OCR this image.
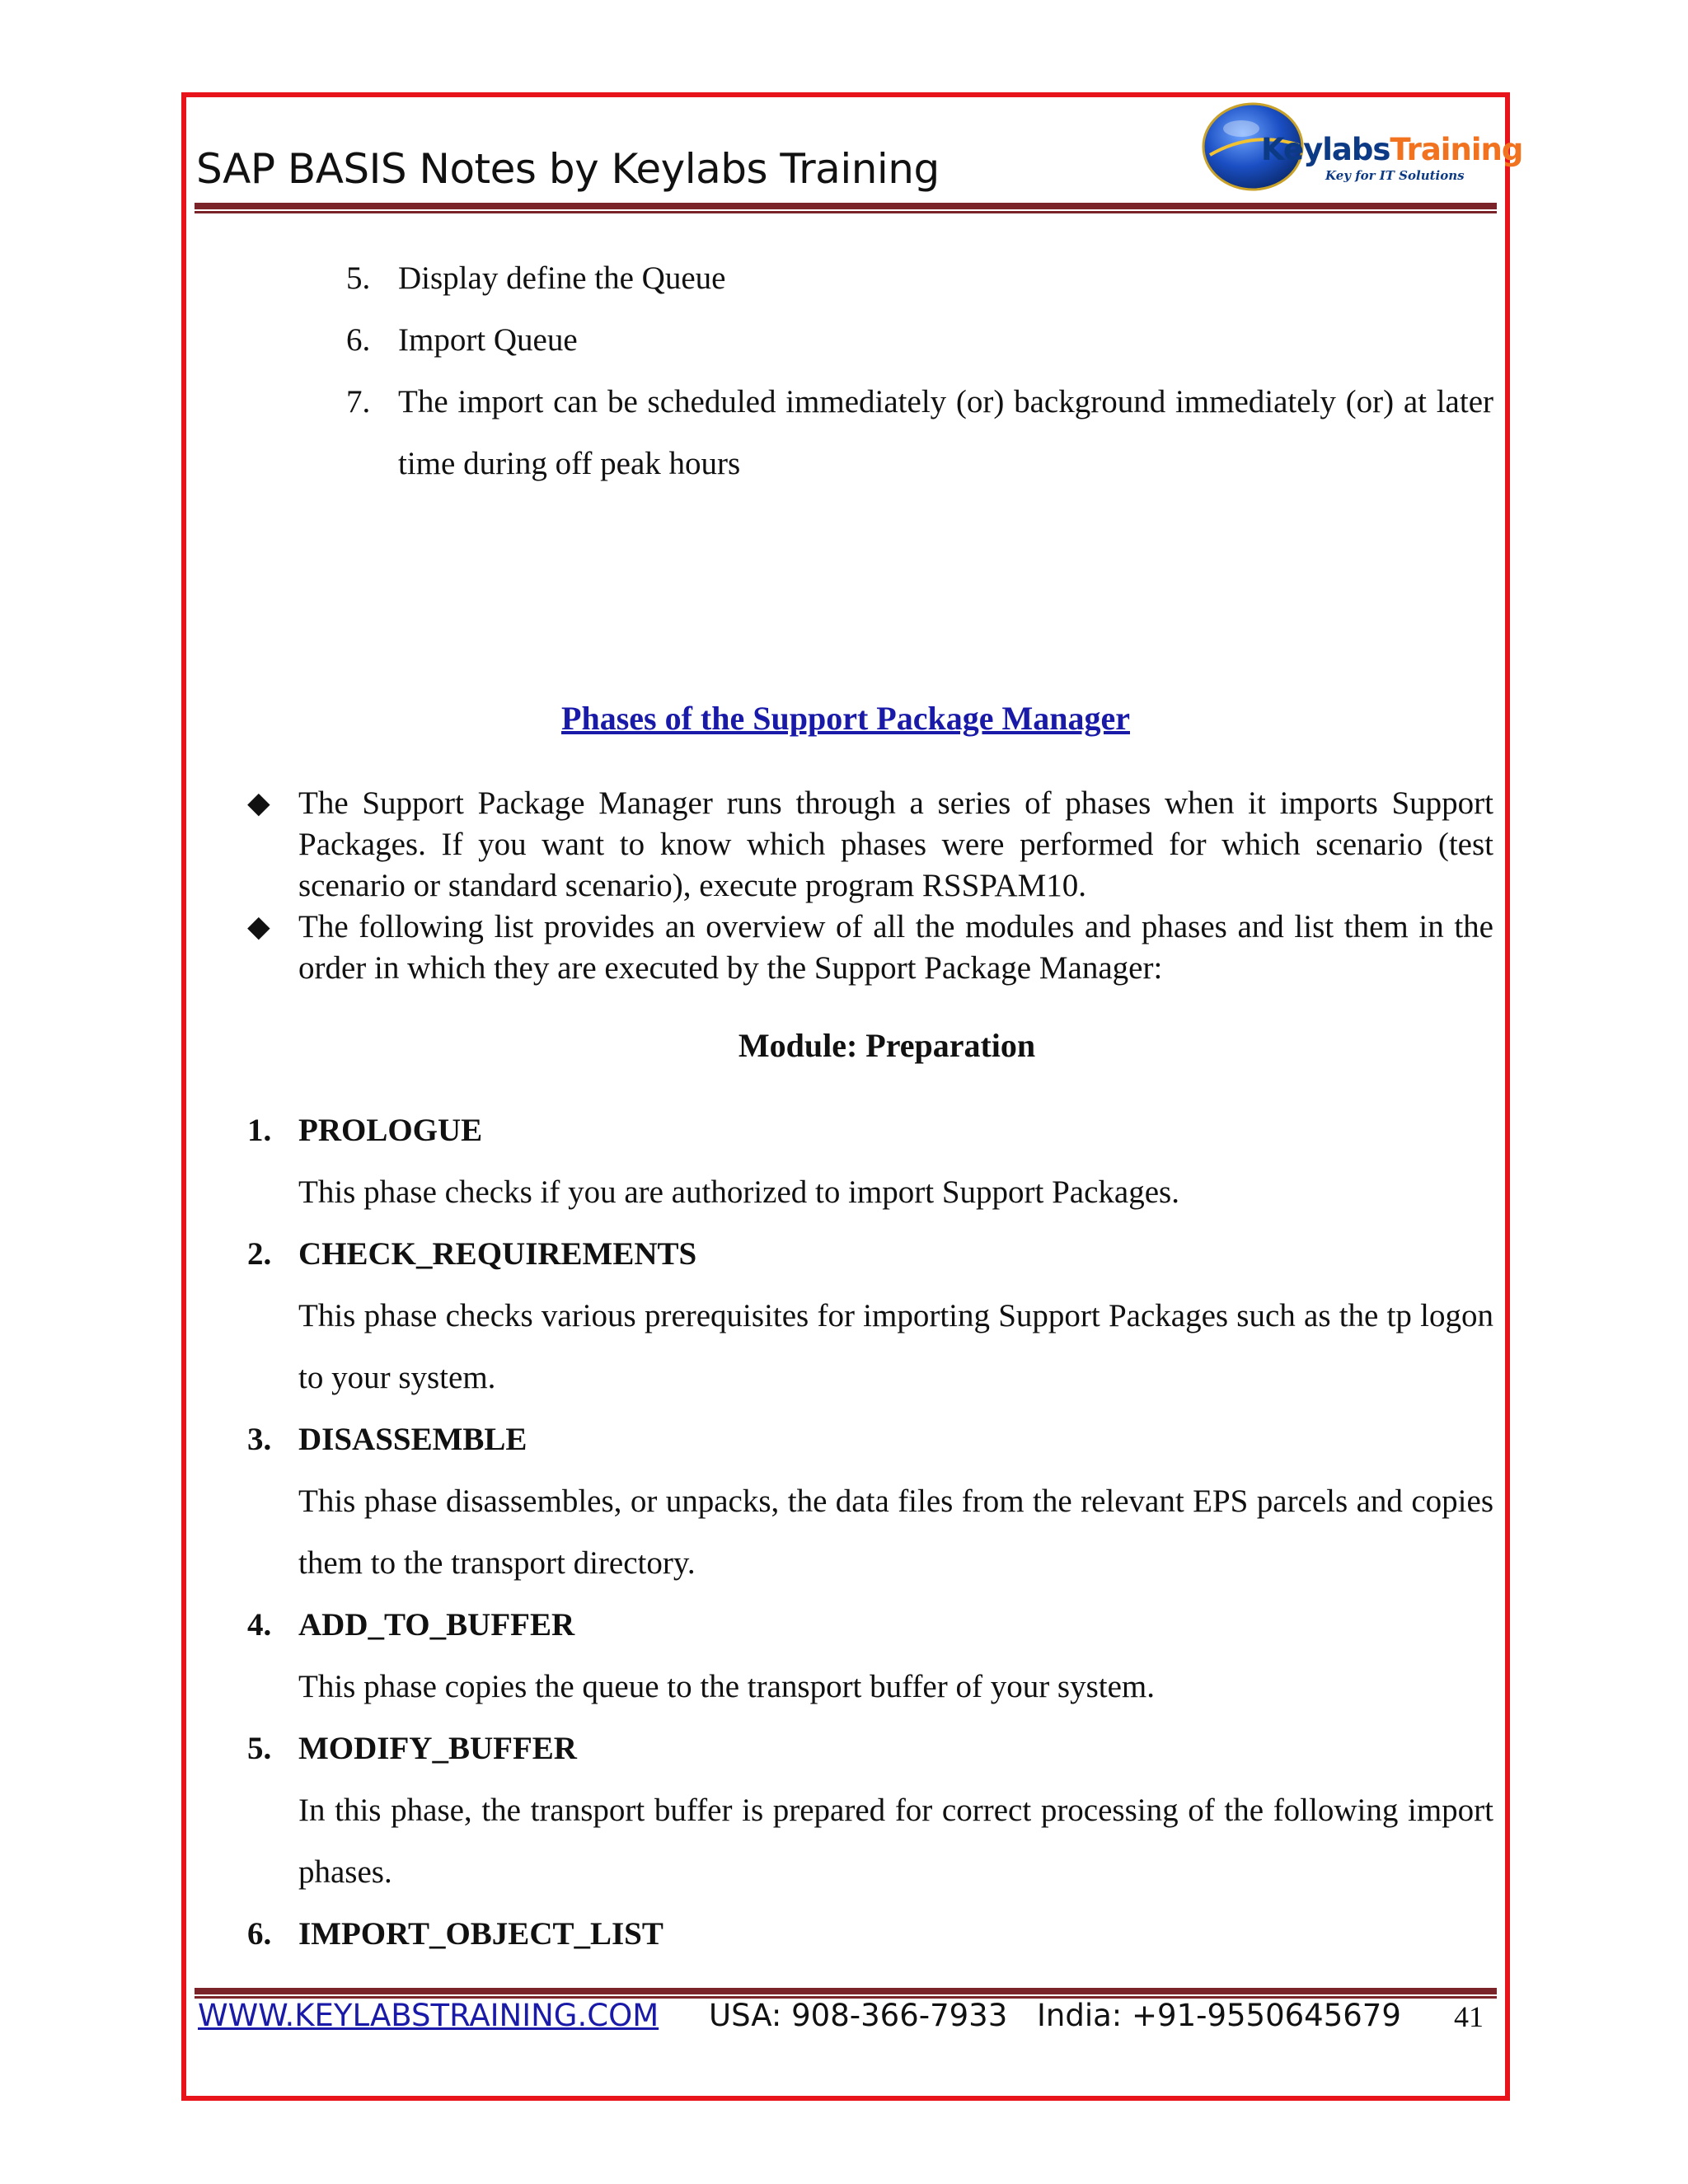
SAP BASIS Notes by Keylabs Training	KeylabsTraining
Key for IT Solutions
5. Display define the Queue
6. Import Queue
7. The import can be scheduled immediately (or) background immediately (or) at later time during off peak hours
Phases of the Support Package Manager
◆ The Support Package Manager runs through a series of phases when it imports Support Packages. If you want to know which phases were performed for which scenario (test scenario or standard scenario), execute program RSSPAM10.
◆ The following list provides an overview of all the modules and phases and list them in the order in which they are executed by the Support Package Manager:
Module: Preparation
1. PROLOGUE
This phase checks if you are authorized to import Support Packages.
2. CHECK_REQUIREMENTS
This phase checks various prerequisites for importing Support Packages such as the tp logon to your system.
3. DISASSEMBLE
This phase disassembles, or unpacks, the data files from the relevant EPS parcels and copies them to the transport directory.
4. ADD_TO_BUFFER
This phase copies the queue to the transport buffer of your system.
5. MODIFY_BUFFER
In this phase, the transport buffer is prepared for correct processing of the following import phases.
6. IMPORT_OBJECT_LIST
WWW.KEYLABSTRAINING.COM USA: 908-366-7933 India: +91-9550645679 41
